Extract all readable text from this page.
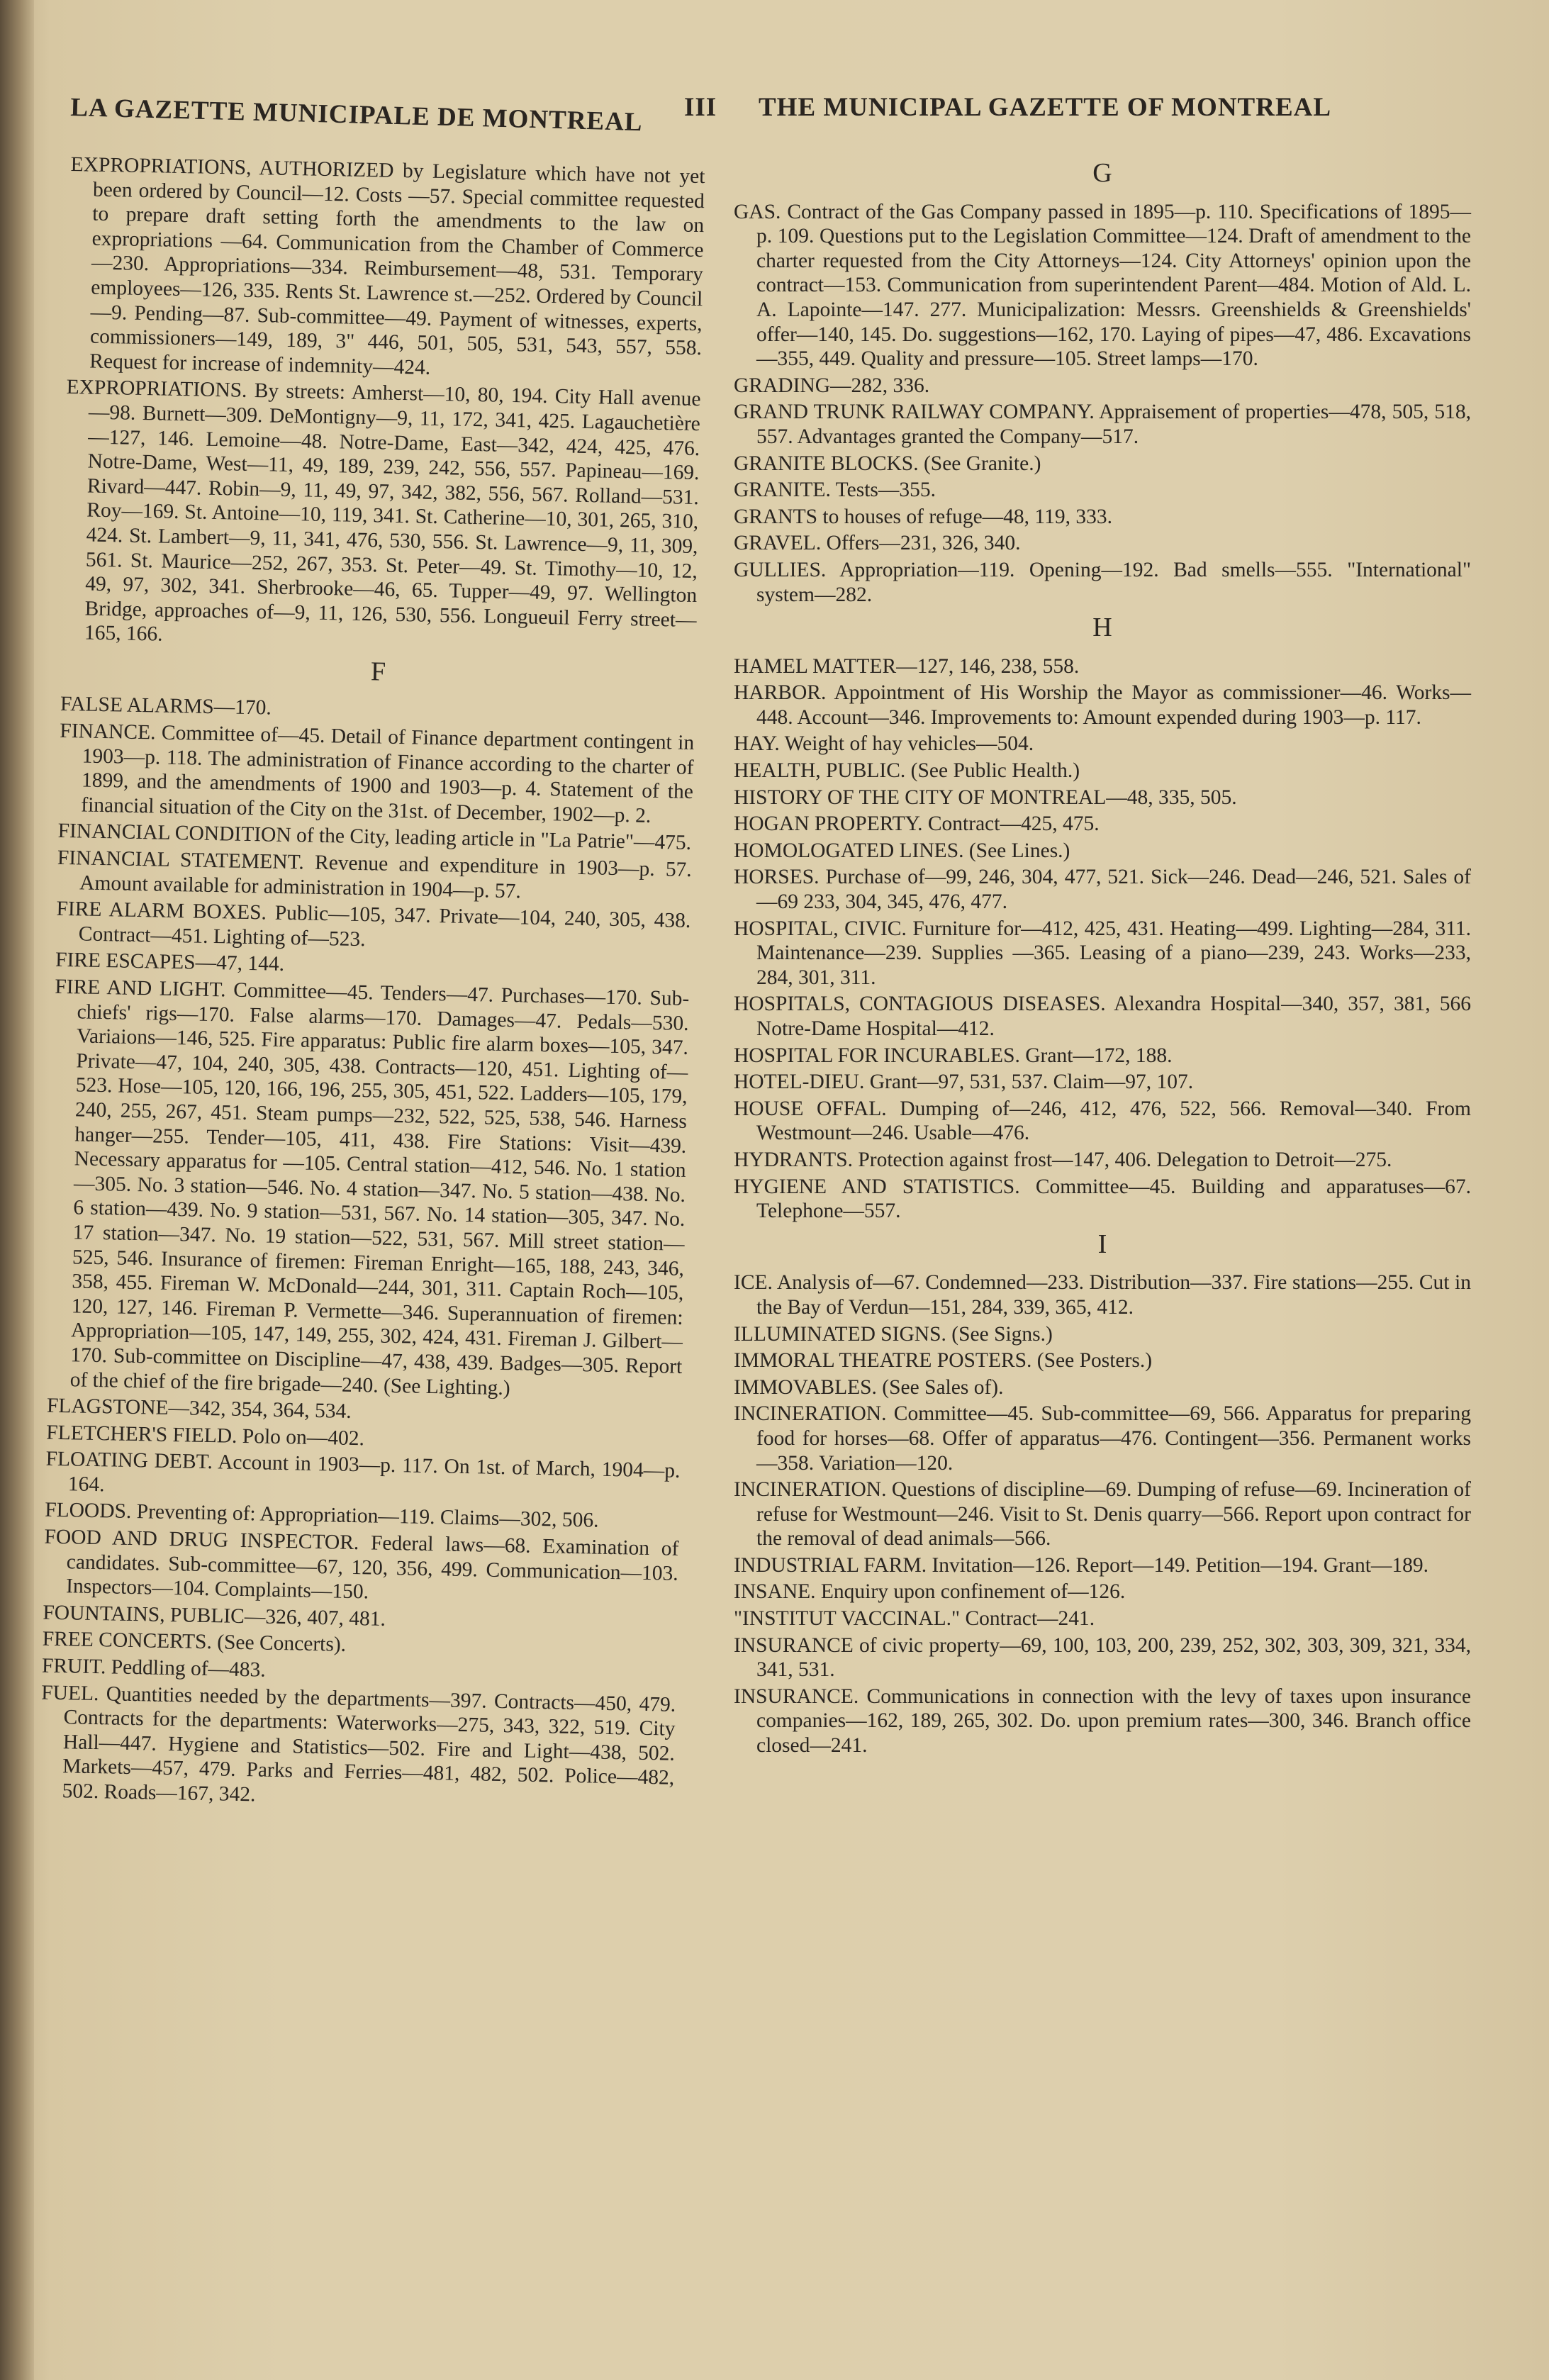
LA GAZETTE MUNICIPALE DE MONTREAL III THE MUNICIPAL GAZETTE OF MONTREAL

EXPROPRIATIONS, AUTHORIZED by Legislature which have not yet been ordered by Council—12. Costs —57. Special committee requested to prepare draft setting forth the amendments to the law on expropriations —64. Communication from the Chamber of Commerce —230. Appropriations—334. Reimbursement—48, 531. Temporary employees—126, 335. Rents St. Lawrence st.—252. Ordered by Council—9. Pending—87. Sub-committee—49. Payment of witnesses, experts, commissioners—149, 189, 3" 446, 501, 505, 531, 543, 557, 558. Request for increase of indemnity—424.

EXPROPRIATIONS. By streets: Amherst—10, 80, 194. City Hall avenue—98. Burnett—309. DeMontigny—9, 11, 172, 341, 425. Lagauchetière—127, 146. Lemoine—48. Notre-Dame, East—342, 424, 425, 476. Notre-Dame, West—11, 49, 189, 239, 242, 556, 557. Papineau—169. Rivard—447. Robin—9, 11, 49, 97, 342, 382, 556, 567. Rolland—531. Roy—169. St. Antoine—10, 119, 341. St. Catherine—10, 301, 265, 310, 424. St. Lambert—9, 11, 341, 476, 530, 556. St. Lawrence—9, 11, 309, 561. St. Maurice—252, 267, 353. St. Peter—49. St. Timothy—10, 12, 49, 97, 302, 341. Sherbrooke—46, 65. Tupper—49, 97. Wellington Bridge, approaches of—9, 11, 126, 530, 556. Longueuil Ferry street—165, 166.

F

FALSE ALARMS—170.

FINANCE. Committee of—45. Detail of Finance department contingent in 1903—p. 118. The administration of Finance according to the charter of 1899, and the amendments of 1900 and 1903—p. 4. Statement of the financial situation of the City on the 31st. of December, 1902—p. 2.

FINANCIAL CONDITION of the City, leading article in "La Patrie"—475.

FINANCIAL STATEMENT. Revenue and expenditure in 1903—p. 57. Amount available for administration in 1904—p. 57.

FIRE ALARM BOXES. Public—105, 347. Private—104, 240, 305, 438. Contract—451. Lighting of—523.

FIRE ESCAPES—47, 144.

FIRE AND LIGHT. Committee—45. Tenders—47. Purchases—170. Sub-chiefs' rigs—170. False alarms—170. Damages—47. Pedals—530. Variaions—146, 525. Fire apparatus: Public fire alarm boxes—105, 347. Private—47, 104, 240, 305, 438. Contracts—120, 451. Lighting of—523. Hose—105, 120, 166, 196, 255, 305, 451, 522. Ladders—105, 179, 240, 255, 267, 451. Steam pumps—232, 522, 525, 538, 546. Harness hanger—255. Tender—105, 411, 438. Fire Stations: Visit—439. Necessary apparatus for —105. Central station—412, 546. No. 1 station—305. No. 3 station—546. No. 4 station—347. No. 5 station—438. No. 6 station—439. No. 9 station—531, 567. No. 14 station—305, 347. No. 17 station—347. No. 19 station—522, 531, 567. Mill street station—525, 546. Insurance of firemen: Fireman Enright—165, 188, 243, 346, 358, 455. Fireman W. McDonald—244, 301, 311. Captain Roch—105, 120, 127, 146. Fireman P. Vermette—346. Superannuation of firemen: Appropriation—105, 147, 149, 255, 302, 424, 431. Fireman J. Gilbert—170. Sub-committee on Discipline—47, 438, 439. Badges—305. Report of the chief of the fire brigade—240. (See Lighting.)

FLAGSTONE—342, 354, 364, 534.

FLETCHER'S FIELD. Polo on—402.

FLOATING DEBT. Account in 1903—p. 117. On 1st. of March, 1904—p. 164.

FLOODS. Preventing of: Appropriation—119. Claims—302, 506.

FOOD AND DRUG INSPECTOR. Federal laws—68. Examination of candidates. Sub-committee—67, 120, 356, 499. Communication—103. Inspectors—104. Complaints—150.

FOUNTAINS, PUBLIC—326, 407, 481.

FREE CONCERTS. (See Concerts).

FRUIT. Peddling of—483.

FUEL. Quantities needed by the departments—397. Contracts—450, 479. Contracts for the departments: Waterworks—275, 343, 322, 519. City Hall—447. Hygiene and Statistics—502. Fire and Light—438, 502. Markets—457, 479. Parks and Ferries—481, 482, 502. Police—482, 502. Roads—167, 342.

G

GAS. Contract of the Gas Company passed in 1895—p. 110. Specifications of 1895—p. 109. Questions put to the Legislation Committee—124. Draft of amendment to the charter requested from the City Attorneys—124. City Attorneys' opinion upon the contract—153. Communication from superintendent Parent—484. Motion of Ald. L. A. Lapointe—147. 277. Municipalization: Messrs. Greenshields & Greenshields' offer—140, 145. Do. suggestions—162, 170. Laying of pipes—47, 486. Excavations —355, 449. Quality and pressure—105. Street lamps—170.

GRADING—282, 336.

GRAND TRUNK RAILWAY COMPANY. Appraisement of properties—478, 505, 518, 557. Advantages granted the Company—517.

GRANITE BLOCKS. (See Granite.)

GRANITE. Tests—355.

GRANTS to houses of refuge—48, 119, 333.

GRAVEL. Offers—231, 326, 340.

GULLIES. Appropriation—119. Opening—192. Bad smells—555. "International" system—282.

H

HAMEL MATTER—127, 146, 238, 558.

HARBOR. Appointment of His Worship the Mayor as commissioner—46. Works—448. Account—346. Improvements to: Amount expended during 1903—p. 117.

HAY. Weight of hay vehicles—504.

HEALTH, PUBLIC. (See Public Health.)

HISTORY OF THE CITY OF MONTREAL—48, 335, 505.

HOGAN PROPERTY. Contract—425, 475.

HOMOLOGATED LINES. (See Lines.)

HORSES. Purchase of—99, 246, 304, 477, 521. Sick—246. Dead—246, 521. Sales of—69 233, 304, 345, 476, 477.

HOSPITAL, CIVIC. Furniture for—412, 425, 431. Heating—499. Lighting—284, 311. Maintenance—239. Supplies —365. Leasing of a piano—239, 243. Works—233, 284, 301, 311.

HOSPITALS, CONTAGIOUS DISEASES. Alexandra Hospital—340, 357, 381, 566 Notre-Dame Hospital—412.

HOSPITAL FOR INCURABLES. Grant—172, 188.

HOTEL-DIEU. Grant—97, 531, 537. Claim—97, 107.

HOUSE OFFAL. Dumping of—246, 412, 476, 522, 566. Removal—340. From Westmount—246. Usable—476.

HYDRANTS. Protection against frost—147, 406. Delegation to Detroit—275.

HYGIENE AND STATISTICS. Committee—45. Building and apparatuses—67. Telephone—557.

I

ICE. Analysis of—67. Condemned—233. Distribution—337. Fire stations—255. Cut in the Bay of Verdun—151, 284, 339, 365, 412.

ILLUMINATED SIGNS. (See Signs.)

IMMORAL THEATRE POSTERS. (See Posters.)

IMMOVABLES. (See Sales of).

INCINERATION. Committee—45. Sub-committee—69, 566. Apparatus for preparing food for horses—68. Offer of apparatus—476. Contingent—356. Permanent works—358. Variation—120.

INCINERATION. Questions of discipline—69. Dumping of refuse—69. Incineration of refuse for Westmount—246. Visit to St. Denis quarry—566. Report upon contract for the removal of dead animals—566.

INDUSTRIAL FARM. Invitation—126. Report—149. Petition—194. Grant—189.

INSANE. Enquiry upon confinement of—126.

"INSTITUT VACCINAL." Contract—241.

INSURANCE of civic property—69, 100, 103, 200, 239, 252, 302, 303, 309, 321, 334, 341, 531.

INSURANCE. Communications in connection with the levy of taxes upon insurance companies—162, 189, 265, 302. Do. upon premium rates—300, 346. Branch office closed—241.
